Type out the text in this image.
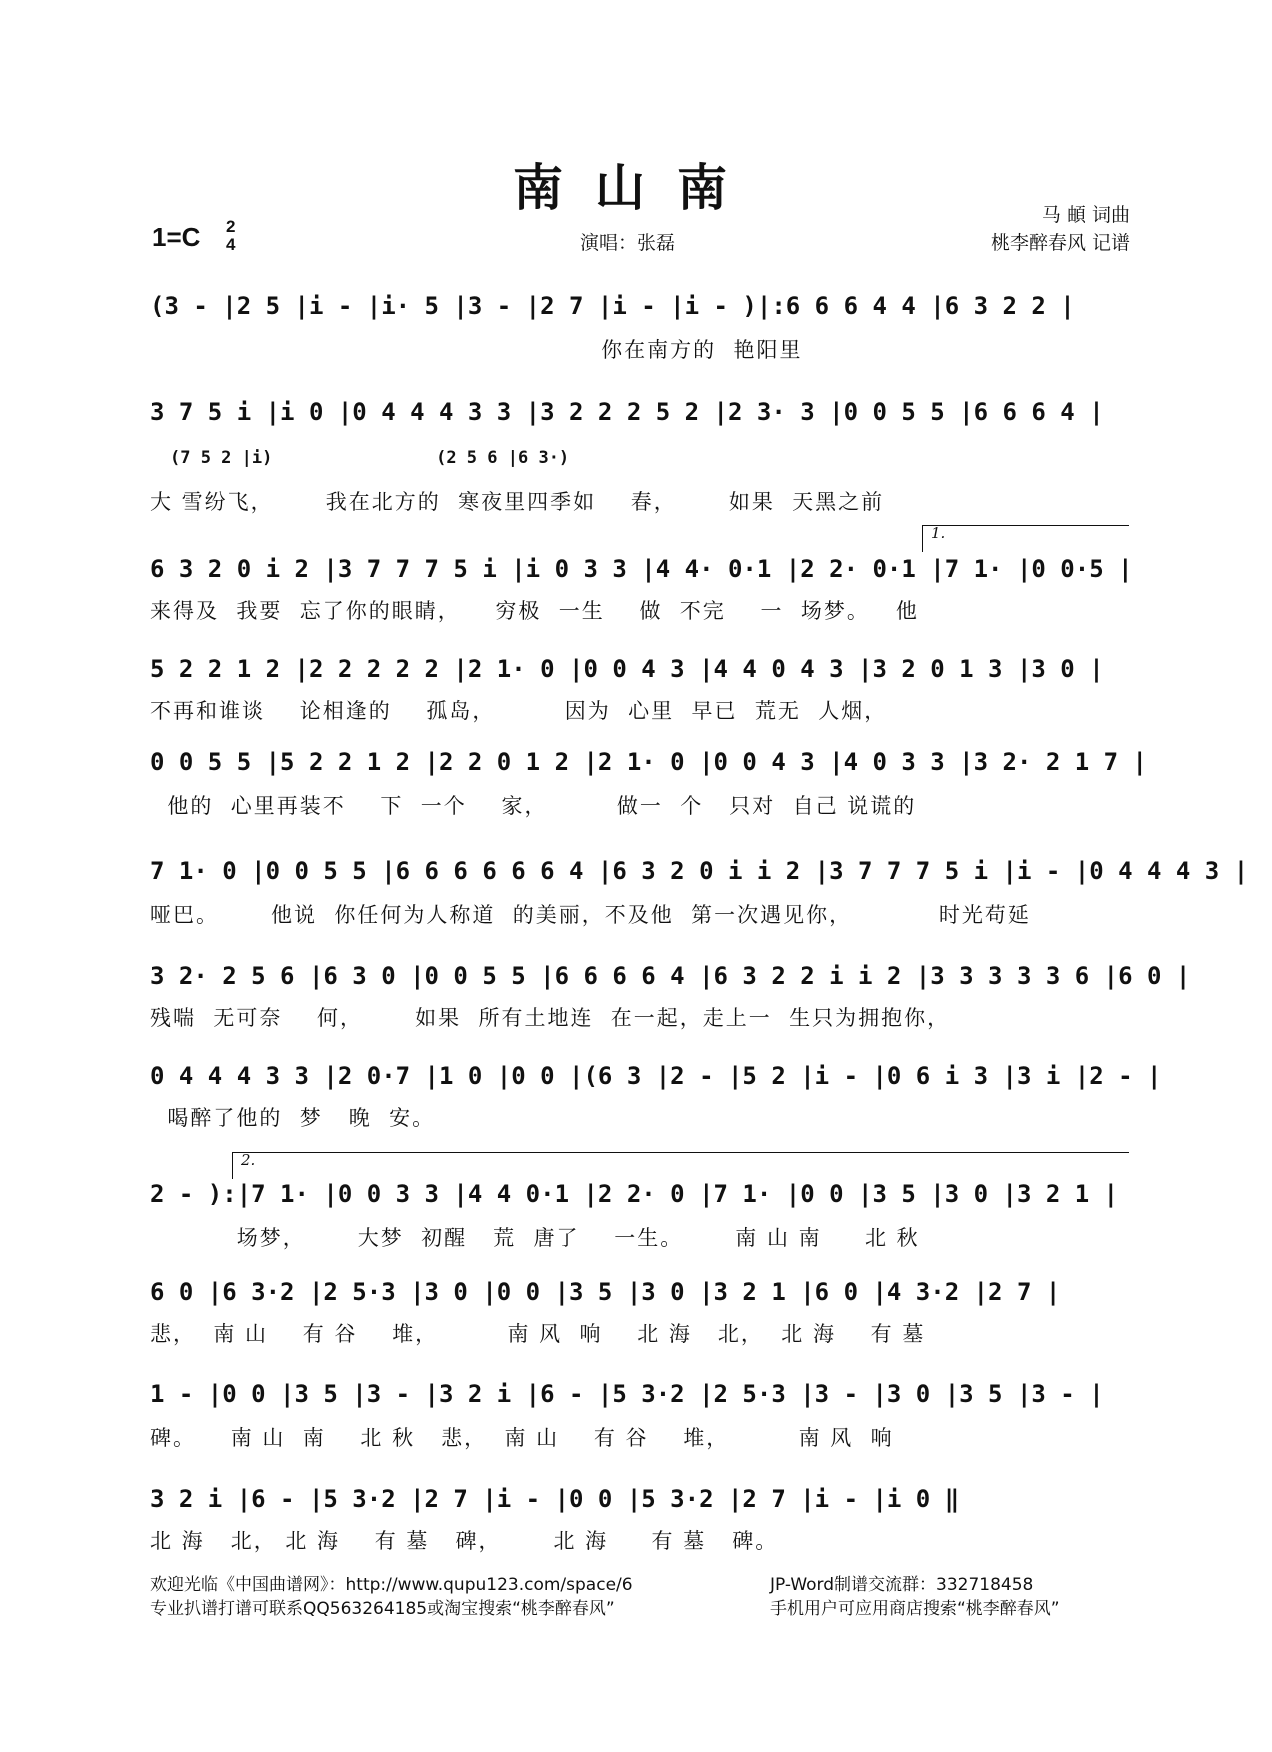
南山南
1=C 2
4	演唱：张磊
马 頔 词曲
桃李醉春风 记谱
(3 - |2 5 |i - |i· 5 |3 - |2 7 |i - |i - )|:6 6 6 4 4 |6 3 2 2 |
你在南方的  艳阳里
3 7 5 i |i 0 |0 4 4 4 3 3 |3 2 2 2 5 2 |2 3· 3 |0 0 5 5 |6 6 6 4 |
(7 5 2 |i)                (2 5 6 |6 3·)
大 雪纷飞，      我在北方的  寒夜里四季如    春，      如果  天黑之前
1.
6 3 2 0 i 2 |3 7 7 7 5 i |i 0 3 3 |4 4· 0·1 |2 2· 0·1 |7 1· |0 0·5 |
来得及  我要  忘了你的眼睛，    穷极  一生    做  不完    一  场梦。   他
5 2 2 1 2 |2 2 2 2 2 |2 1· 0 |0 0 4 3 |4 4 0 4 3 |3 2 0 1 3 |3 0 |
不再和谁谈    论相逢的    孤岛，        因为  心里  早已  荒无  人烟，
0 0 5 5 |5 2 2 1 2 |2 2 0 1 2 |2 1· 0 |0 0 4 3 |4 0 3 3 |3 2· 2 1 7 |
他的  心里再装不    下  一个    家，        做一  个   只对  自己 说谎的
7 1· 0 |0 0 5 5 |6 6 6 6 6 6 4 |6 3 2 0 i i 2 |3 7 7 7 5 i |i - |0 4 4 4 3 |
哑巴。      他说  你任何为人称道  的美丽，不及他  第一次遇见你，          时光苟延
3 2· 2 5 6 |6 3 0 |0 0 5 5 |6 6 6 6 4 |6 3 2 2 i i 2 |3 3 3 3 3 6 |6 0 |
残喘  无可奈    何，      如果  所有土地连  在一起，走上一  生只为拥抱你，
0 4 4 4 3 3 |2 0·7 |1 0 |0 0 |(6 3 |2 - |5 2 |i - |0 6 i 3 |3 i |2 - |
喝醉了他的  梦   晚  安。
2.
2 - ):|7 1· |0 0 3 3 |4 4 0·1 |2 2· 0 |7 1· |0 0 |3 5 |3 0 |3 2 1 |
场梦，      大梦  初醒   荒  唐了    一生。      南 山 南     北 秋
6 0 |6 3·2 |2 5·3 |3 0 |0 0 |3 5 |3 0 |3 2 1 |6 0 |4 3·2 |2 7 |
悲，  南 山    有 谷    堆，        南 风  响    北 海   北，  北 海    有 墓
1 - |0 0 |3 5 |3 - |3 2 i |6 - |5 3·2 |2 5·3 |3 - |3 0 |3 5 |3 - |
碑。    南 山  南    北 秋   悲，  南 山    有 谷    堆，        南 风  响
3 2 i |6 - |5 3·2 |2 7 |i - |0 0 |5 3·2 |2 7 |i - |i 0 ‖
北 海   北， 北 海    有 墓   碑，      北 海     有 墓   碑。
欢迎光临《中国曲谱网》：http://www.qupu123.com/space/6
专业扒谱打谱可联系QQ563264185或淘宝搜索“桃李醉春风”
JP-Word制谱交流群：332718458
手机用户可应用商店搜索“桃李醉春风”
